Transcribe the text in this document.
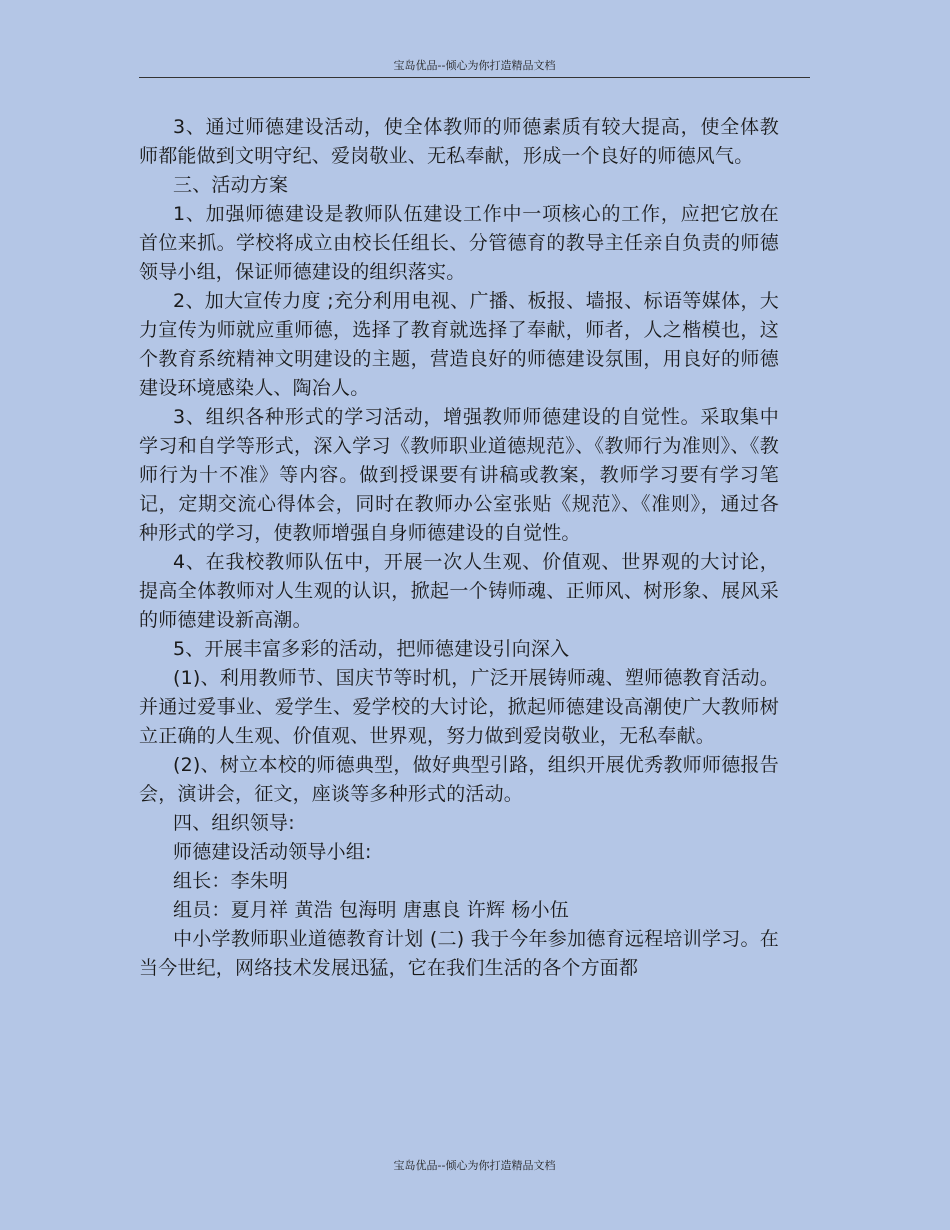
宝岛优品--倾心为你打造精品文档

3、通过师德建设活动，使全体教师的师德素质有较大提高，使全体教师都能做到文明守纪、爱岗敬业、无私奉献，形成一个良好的师德风气。

三、活动方案

1、加强师德建设是教师队伍建设工作中一项核心的工作，应把它放在首位来抓。学校将成立由校长任组长、分管德育的教导主任亲自负责的师德领导小组，保证师德建设的组织落实。

2、加大宣传力度 ;充分利用电视、广播、板报、墙报、标语等媒体，大力宣传为师就应重师德，选择了教育就选择了奉献，师者，人之楷模也，这个教育系统精神文明建设的主题，营造良好的师德建设氛围，用良好的师德建设环境感染人、陶冶人。

3、组织各种形式的学习活动，增强教师师德建设的自觉性。采取集中学习和自学等形式，深入学习《教师职业道德规范》、《教师行为准则》、《教师行为十不准》等内容。做到授课要有讲稿或教案，教师学习要有学习笔记，定期交流心得体会，同时在教师办公室张贴《规范》、《准则》，通过各种形式的学习，使教师增强自身师德建设的自觉性。

4、在我校教师队伍中，开展一次人生观、价值观、世界观的大讨论，提高全体教师对人生观的认识，掀起一个铸师魂、正师风、树形象、展风采的师德建设新高潮。

5、开展丰富多彩的活动，把师德建设引向深入

(1)、利用教师节、国庆节等时机，广泛开展铸师魂、塑师德教育活动。并通过爱事业、爱学生、爱学校的大讨论，掀起师德建设高潮使广大教师树立正确的人生观、价值观、世界观，努力做到爱岗敬业，无私奉献。

(2)、树立本校的师德典型，做好典型引路，组织开展优秀教师师德报告会，演讲会，征文，座谈等多种形式的活动。

四、组织领导:

师德建设活动领导小组:

组长：李朱明

组员：夏月祥 黄浩 包海明 唐惠良 许辉 杨小伍

中小学教师职业道德教育计划 (二) 我于今年参加德育远程培训学习。在当今世纪，网络技术发展迅猛，它在我们生活的各个方面都

宝岛优品--倾心为你打造精品文档
